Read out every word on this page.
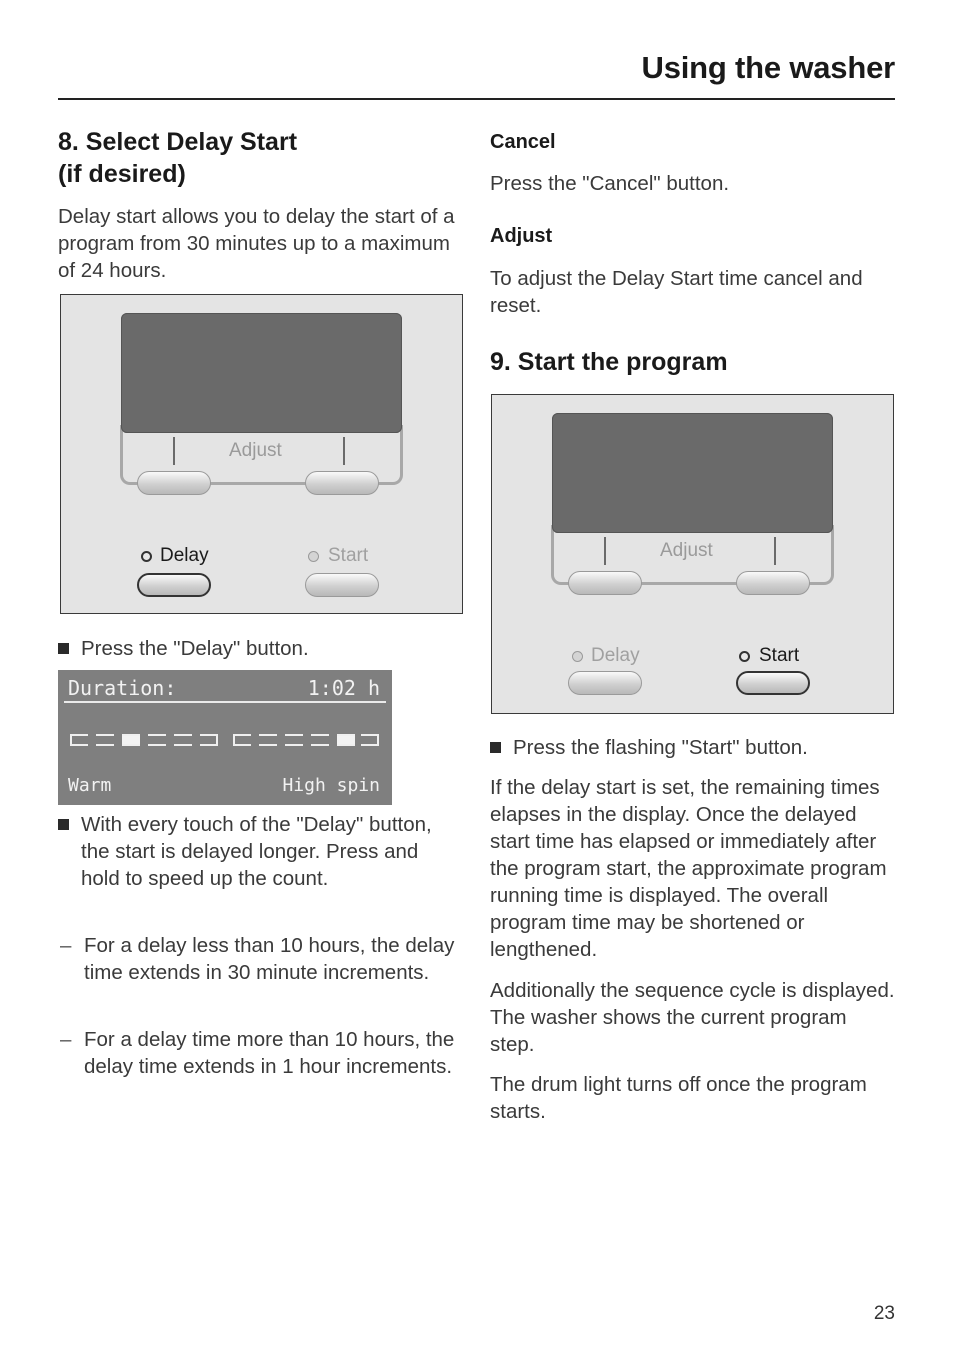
Using the washer
8. Select Delay Start
(if desired)
Delay start allows you to delay the start of a program from 30 minutes up to a maximum of 24 hours.
Adjust
Delay	Start
Press the "Delay" button.
Duration:	1:02 h
Warm	High spin
With every touch of the "Delay" button, the start is delayed longer. Press and hold to speed up the count.
– For a delay less than 10 hours, the delay time extends in 30 minute increments.
– For a delay time more than 10 hours, the delay time extends in 1 hour increments.
Cancel
Press the "Cancel" button.
Adjust
To adjust the Delay Start time cancel and reset.
9. Start the program
Adjust
Delay	Start
Press the flashing "Start" button.
If the delay start is set, the remaining times elapses in the display. Once the delayed start time has elapsed or immediately after the program start, the approximate program running time is displayed. The overall program time may be shortened or lengthened.
Additionally the sequence cycle is displayed. The washer shows the current program step.
The drum light turns off once the program starts.
23
